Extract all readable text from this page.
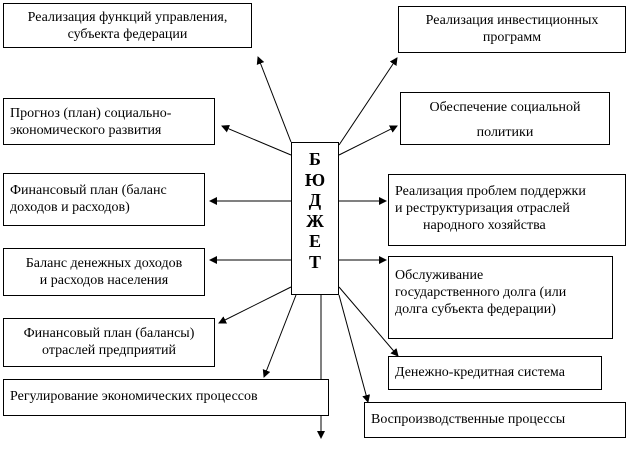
Реализация функций управления,
субъекта федерации
Прогноз (план) социально-
экономического развития
Финансовый план (баланс
доходов и расходов)
Баланс денежных доходов
и расходов населения
Финансовый план (балансы)
отраслей предприятий
Регулирование экономических процессов
Б
Ю
Д
Ж
Е
Т
Реализация инвестиционных
программ
Обеспечение социальной
политики
Реализация проблем поддержки
и реструктуризация отраслей
народного хозяйства
Обслуживание
государственного долга (или
долга субъекта федерации)
Денежно-кредитная система
Воспроизводственные процессы
